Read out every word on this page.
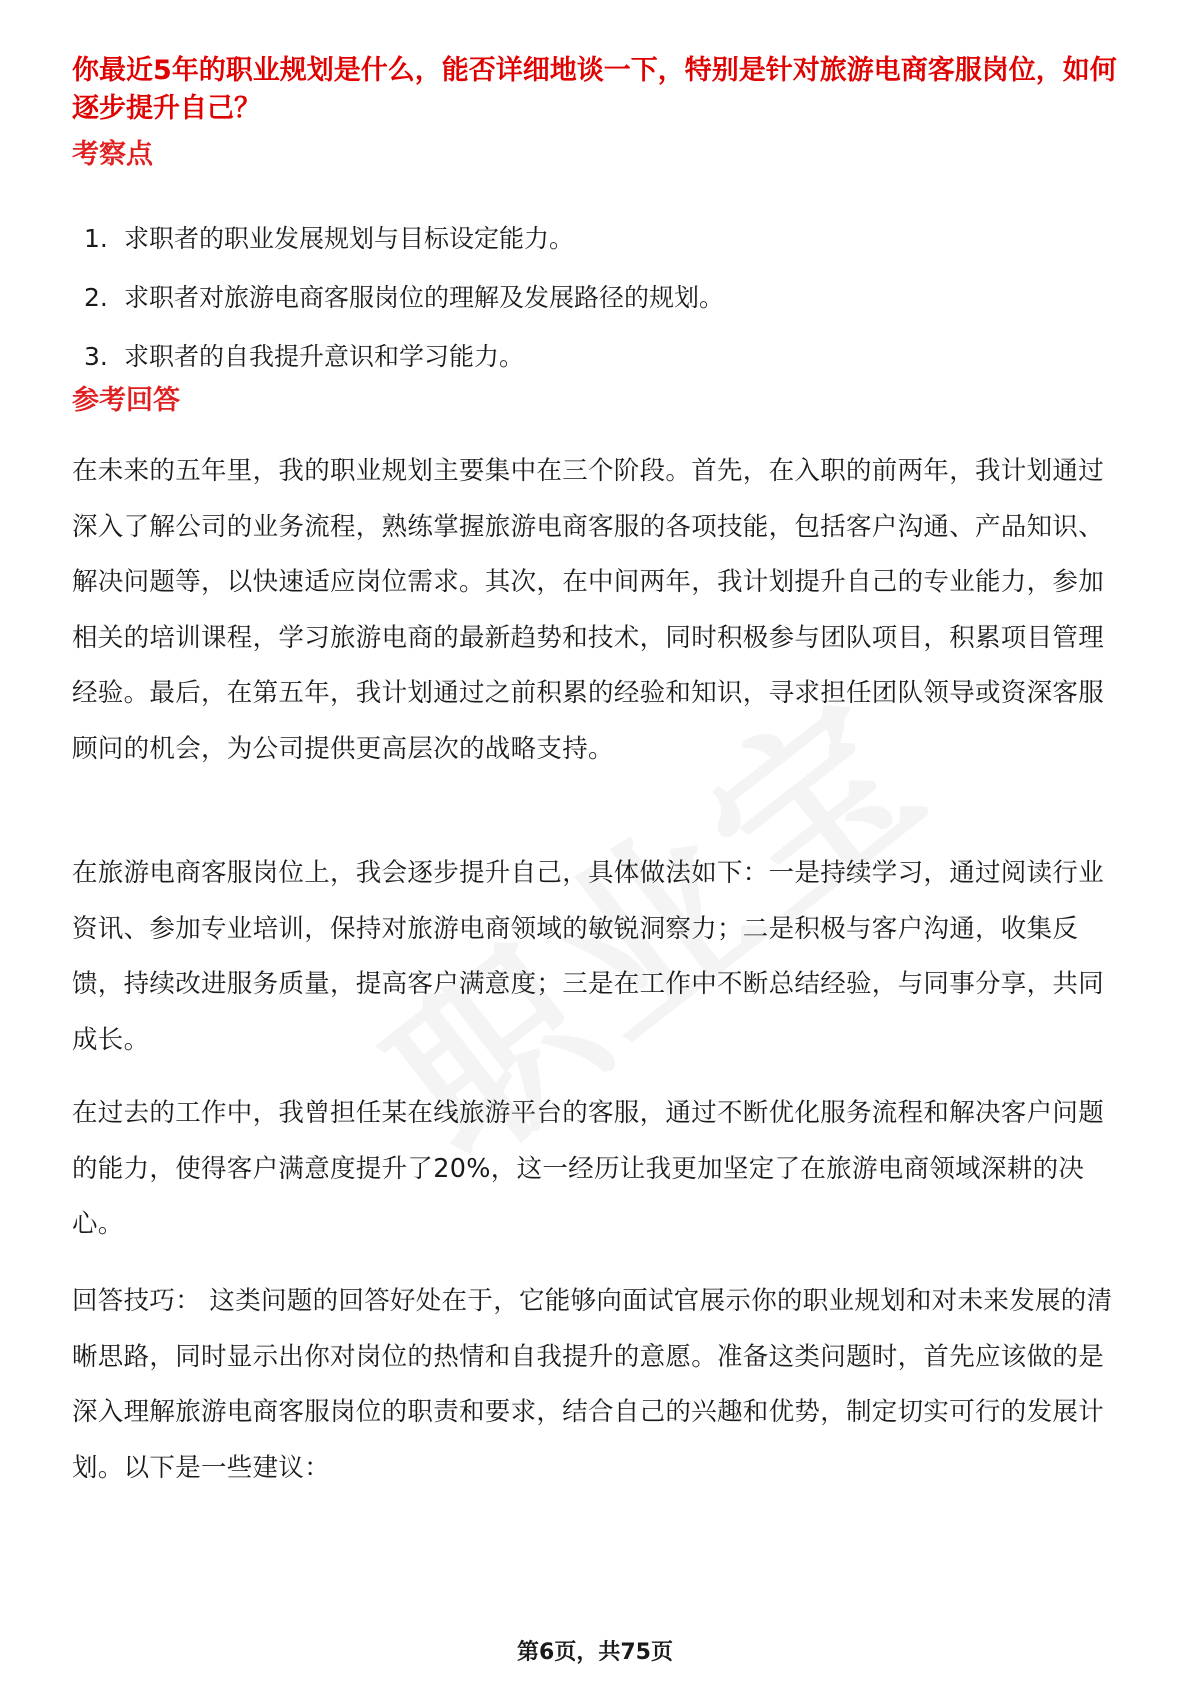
你最近5年的职业规划是什么，能否详细地谈一下，特别是针对旅游电商客服岗位，如何逐步提升自己？

考察点

1. 求职者的职业发展规划与目标设定能力。
2. 求职者对旅游电商客服岗位的理解及发展路径的规划。
3. 求职者的自我提升意识和学习能力。

参考回答

在未来的五年里，我的职业规划主要集中在三个阶段。首先，在入职的前两年，我计划通过深入了解公司的业务流程，熟练掌握旅游电商客服的各项技能，包括客户沟通、产品知识、解决问题等，以快速适应岗位需求。其次，在中间两年，我计划提升自己的专业能力，参加相关的培训课程，学习旅游电商的最新趋势和技术，同时积极参与团队项目，积累项目管理经验。最后，在第五年，我计划通过之前积累的经验和知识，寻求担任团队领导或资深客服顾问的机会，为公司提供更高层次的战略支持。

在旅游电商客服岗位上，我会逐步提升自己，具体做法如下：一是持续学习，通过阅读行业资讯、参加专业培训，保持对旅游电商领域的敏锐洞察力；二是积极与客户沟通，收集反馈，持续改进服务质量，提高客户满意度；三是在工作中不断总结经验，与同事分享，共同成长。

在过去的工作中，我曾担任某在线旅游平台的客服，通过不断优化服务流程和解决客户问题的能力，使得客户满意度提升了20%，这一经历让我更加坚定了在旅游电商领域深耕的决心。

回答技巧： 这类问题的回答好处在于，它能够向面试官展示你的职业规划和对未来发展的清晰思路，同时显示出你对岗位的热情和自我提升的意愿。准备这类问题时，首先应该做的是深入理解旅游电商客服岗位的职责和要求，结合自己的兴趣和优势，制定切实可行的发展计划。以下是一些建议：

第6页，共75页
